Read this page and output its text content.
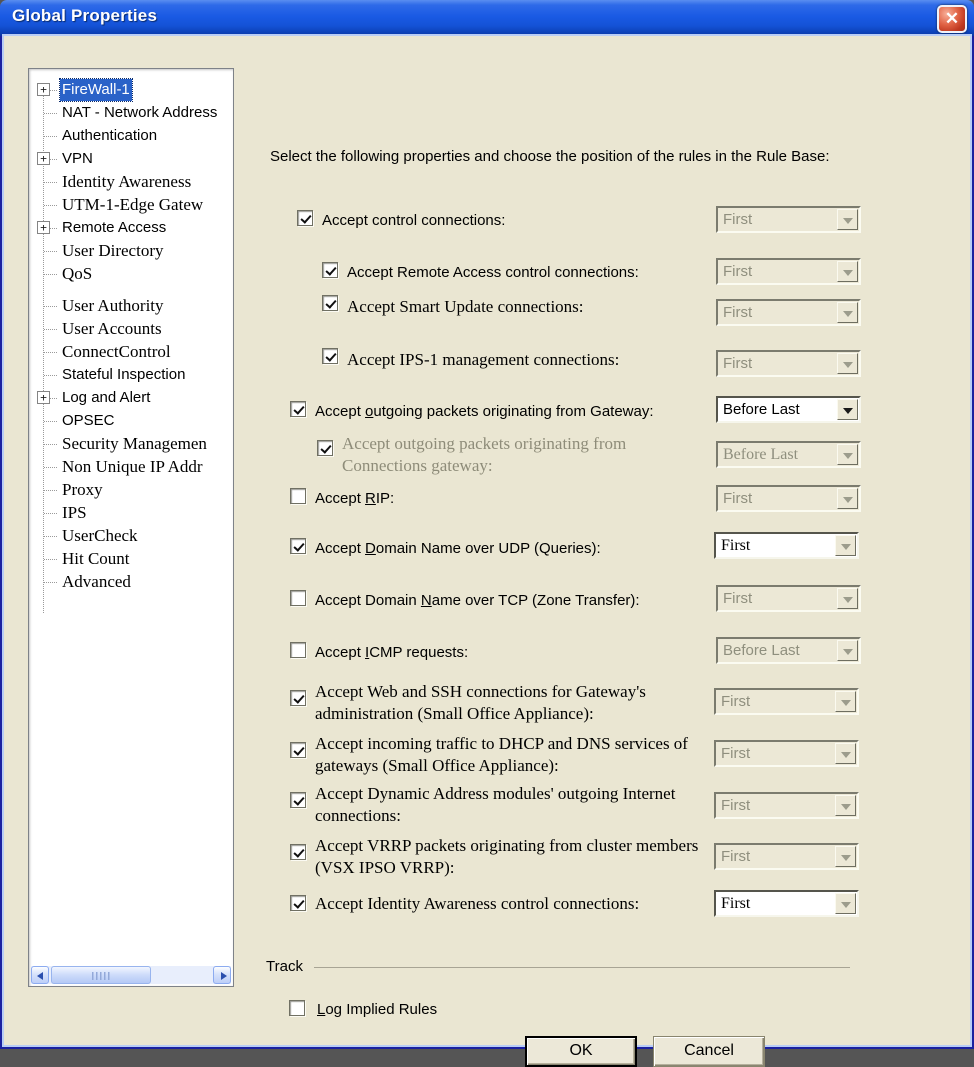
Global Properties	✕
+ FireWall-1
NAT - Network Address
Authentication
+ VPN
Identity Awareness
UTM-1-Edge Gatew
+ Remote Access
User Directory
QoS
User Authority
User Accounts
ConnectControl
Stateful Inspection
+ Log and Alert
OPSEC
Security Managemen
Non Unique IP Addr
Proxy
IPS
UserCheck
Hit Count
Advanced
Select the following properties and choose the position of the rules in the Rule Base:
Accept control connections:	First
Accept Remote Access control connections:	First
Accept Smart Update connections:	First
Accept IPS-1 management connections:	First
Accept outgoing packets originating from Gateway:	Before Last
Accept outgoing packets originating from Connections gateway:
Before Last
Accept RIP:	First
Accept Domain Name over UDP (Queries):	First
Accept Domain Name over TCP (Zone Transfer):	First
Accept ICMP requests:	Before Last
Accept Web and SSH connections for Gateway's administration (Small Office Appliance):
First
Accept incoming traffic to DHCP and DNS services of gateways (Small Office Appliance):
First
Accept Dynamic Address modules' outgoing Internet connections:
First
Accept VRRP packets originating from cluster members (VSX IPSO VRRP):
First
Accept Identity Awareness control connections:	First
Track
Log Implied Rules
OK	Cancel
